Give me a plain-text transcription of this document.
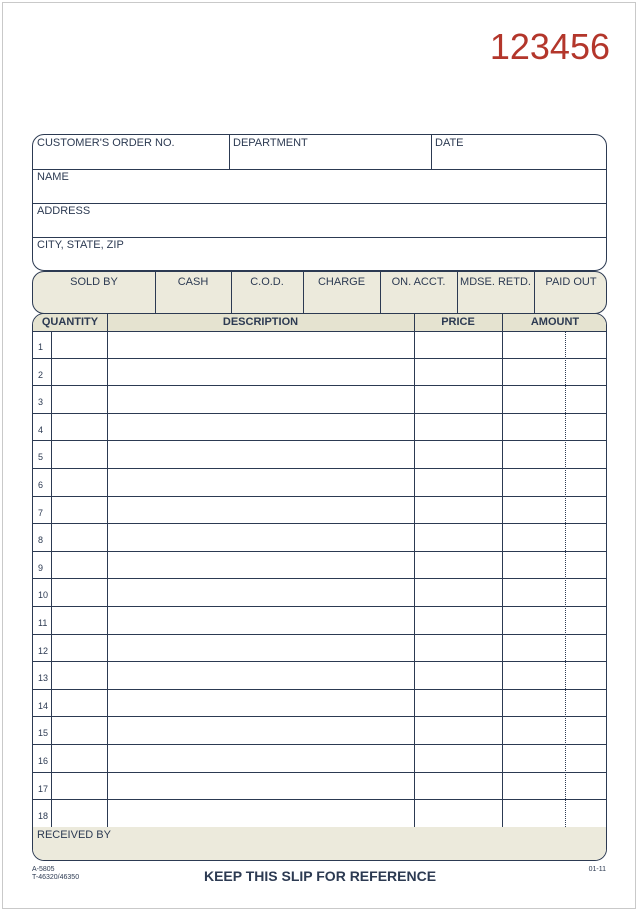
123456
CUSTOMER'S ORDER NO.	DEPARTMENT	DATE
NAME
ADDRESS
CITY, STATE, ZIP
SOLD BY	CASH	C.O.D.	CHARGE	ON. ACCT.	MDSE. RETD.	PAID OUT
QUANTITY	DESCRIPTION	PRICE	AMOUNT
1
2
3
4
5
6
7
8
9
10
11
12
13
14
15
16
17
18
RECEIVED BY
A-5805
T-46320/46350	KEEP THIS SLIP FOR REFERENCE	01-11
